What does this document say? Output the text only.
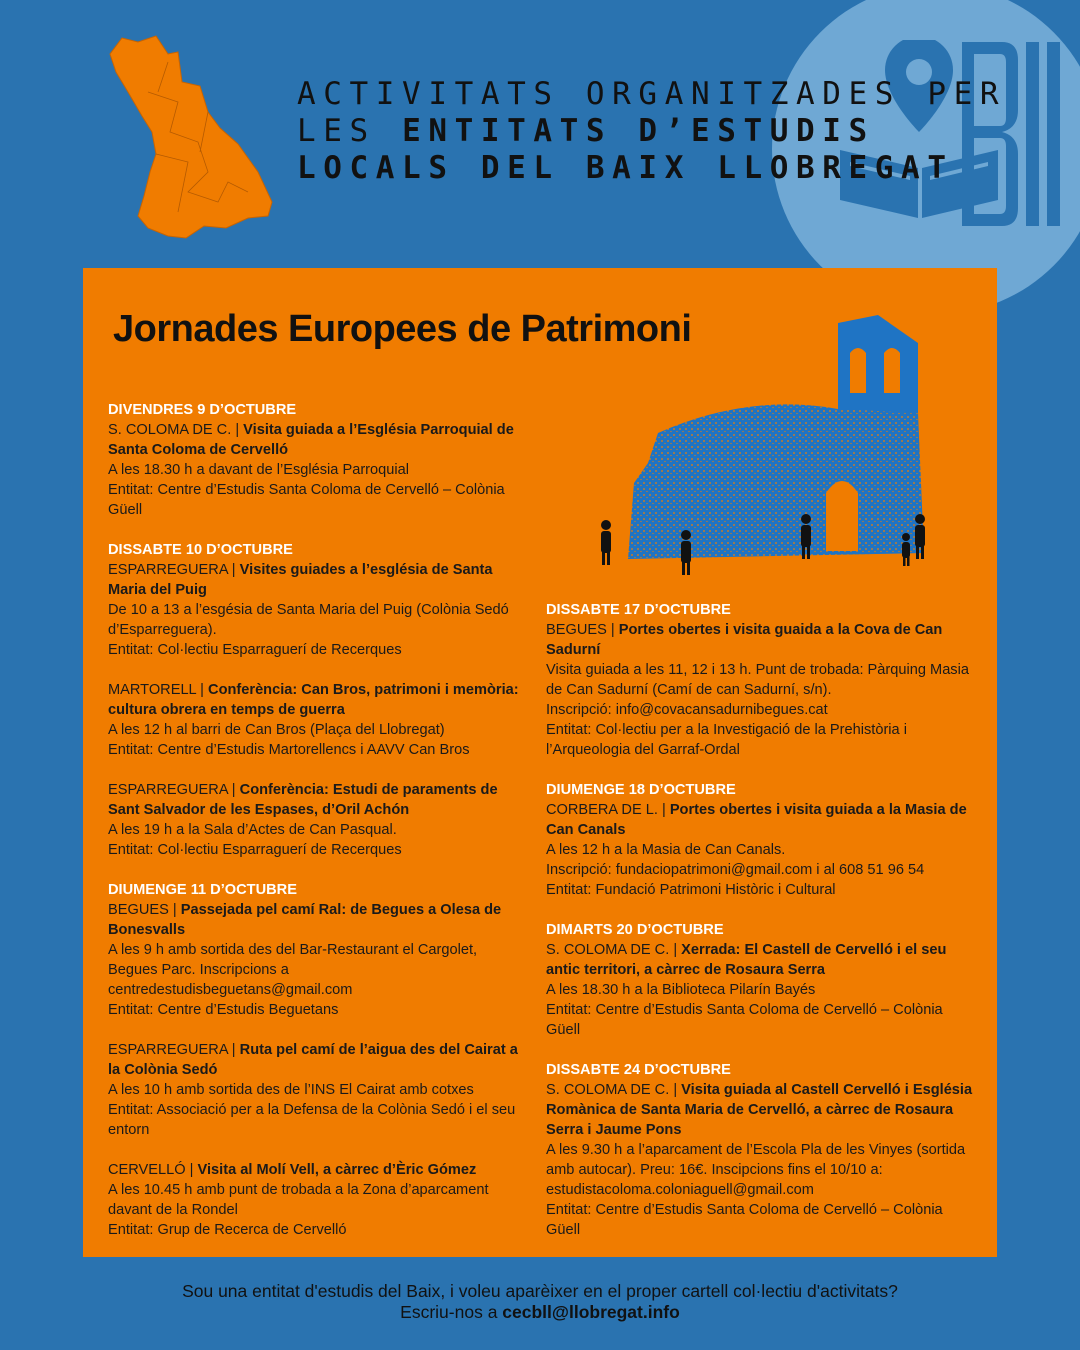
ACTIVITATS ORGANITZADES PER
LES ENTITATS D’ESTUDIS
LOCALS DEL BAIX LLOBREGAT
Jornades Europees de Patrimoni

DIVENDRES 9 D’OCTUBRE

S. COLOMA DE C. | Visita guiada a l’Església Parroquial de Santa Coloma de Cervelló

A les 18.30 h a davant de l’Església Parroquial

Entitat: Centre d’Estudis Santa Coloma de Cervelló – Colònia Güell

DISSABTE 10 D’OCTUBRE

ESPARREGUERA | Visites guiades a l’església de Santa Maria del Puig

De 10 a 13 a l’esgésia de Santa Maria del Puig (Colònia Sedó d’Esparreguera).

Entitat: Col·lectiu Esparraguerí de Recerques

MARTORELL | Conferència: Can Bros, patrimoni i memòria: cultura obrera en temps de guerra

A les 12 h al barri de Can Bros (Plaça del Llobregat)

Entitat: Centre d’Estudis Martorellencs i AAVV Can Bros

ESPARREGUERA | Conferència: Estudi de paraments de Sant Salvador de les Espases, d’Oril Achón

A les 19 h a la Sala d’Actes de Can Pasqual.

Entitat: Col·lectiu Esparraguerí de Recerques

DIUMENGE 11 D’OCTUBRE

BEGUES | Passejada pel camí Ral: de Begues a Olesa de Bonesvalls

A les 9 h amb sortida des del Bar-Restaurant el Cargolet, Begues Parc. Inscripcions a centredestudisbeguetans@gmail.com

Entitat: Centre d’Estudis Beguetans

ESPARREGUERA | Ruta pel camí de l’aigua des del Cairat a la Colònia Sedó

A les 10 h amb sortida des de l’INS El Cairat amb cotxes

Entitat: Associació per a la Defensa de la Colònia Sedó i el seu entorn

CERVELLÓ | Visita al Molí Vell, a càrrec d’Èric Gómez

A les 10.45 h amb punt de trobada a la Zona d’aparcament davant de la Rondel

Entitat: Grup de Recerca de Cervelló

DISSABTE 17 D’OCTUBRE

BEGUES | Portes obertes i visita guaida a la Cova de Can Sadurní

Visita guiada a les 11, 12 i 13 h. Punt de trobada: Pàrquing Masia de Can Sadurní (Camí de can Sadurní, s/n).

Inscripció: info@covacansadurnibegues.cat

Entitat: Col·lectiu per a la Investigació de la Prehistòria i l’Arqueologia del Garraf-Ordal

DIUMENGE 18 D’OCTUBRE

CORBERA DE L. | Portes obertes i visita guiada a la Masia de Can Canals

A les 12 h a la Masia de Can Canals.

Inscripció: fundaciopatrimoni@gmail.com i al 608 51 96 54

Entitat: Fundació Patrimoni Històric i Cultural

DIMARTS 20 D’OCTUBRE

S. COLOMA DE C. | Xerrada: El Castell de Cervelló i el seu antic territori, a càrrec de Rosaura Serra

A les 18.30 h a la Biblioteca Pilarín Bayés

Entitat: Centre d’Estudis Santa Coloma de Cervelló – Colònia Güell

DISSABTE 24 D’OCTUBRE

S. COLOMA DE C. | Visita guiada al Castell Cervelló i Església Romànica de Santa Maria de Cervelló, a càrrec de Rosaura Serra i Jaume Pons

A les 9.30 h a l’aparcament de l’Escola Pla de les Vinyes (sortida amb autocar). Preu: 16€. Inscipcions fins el 10/10 a: estudistacoloma.coloniaguell@gmail.com

Entitat: Centre d’Estudis Santa Coloma de Cervelló – Colònia Güell

Sou una entitat d'estudis del Baix, i voleu aparèixer en el proper cartell col·lectiu d'activitats?
Escriu-nos a cecbll@llobregat.info
